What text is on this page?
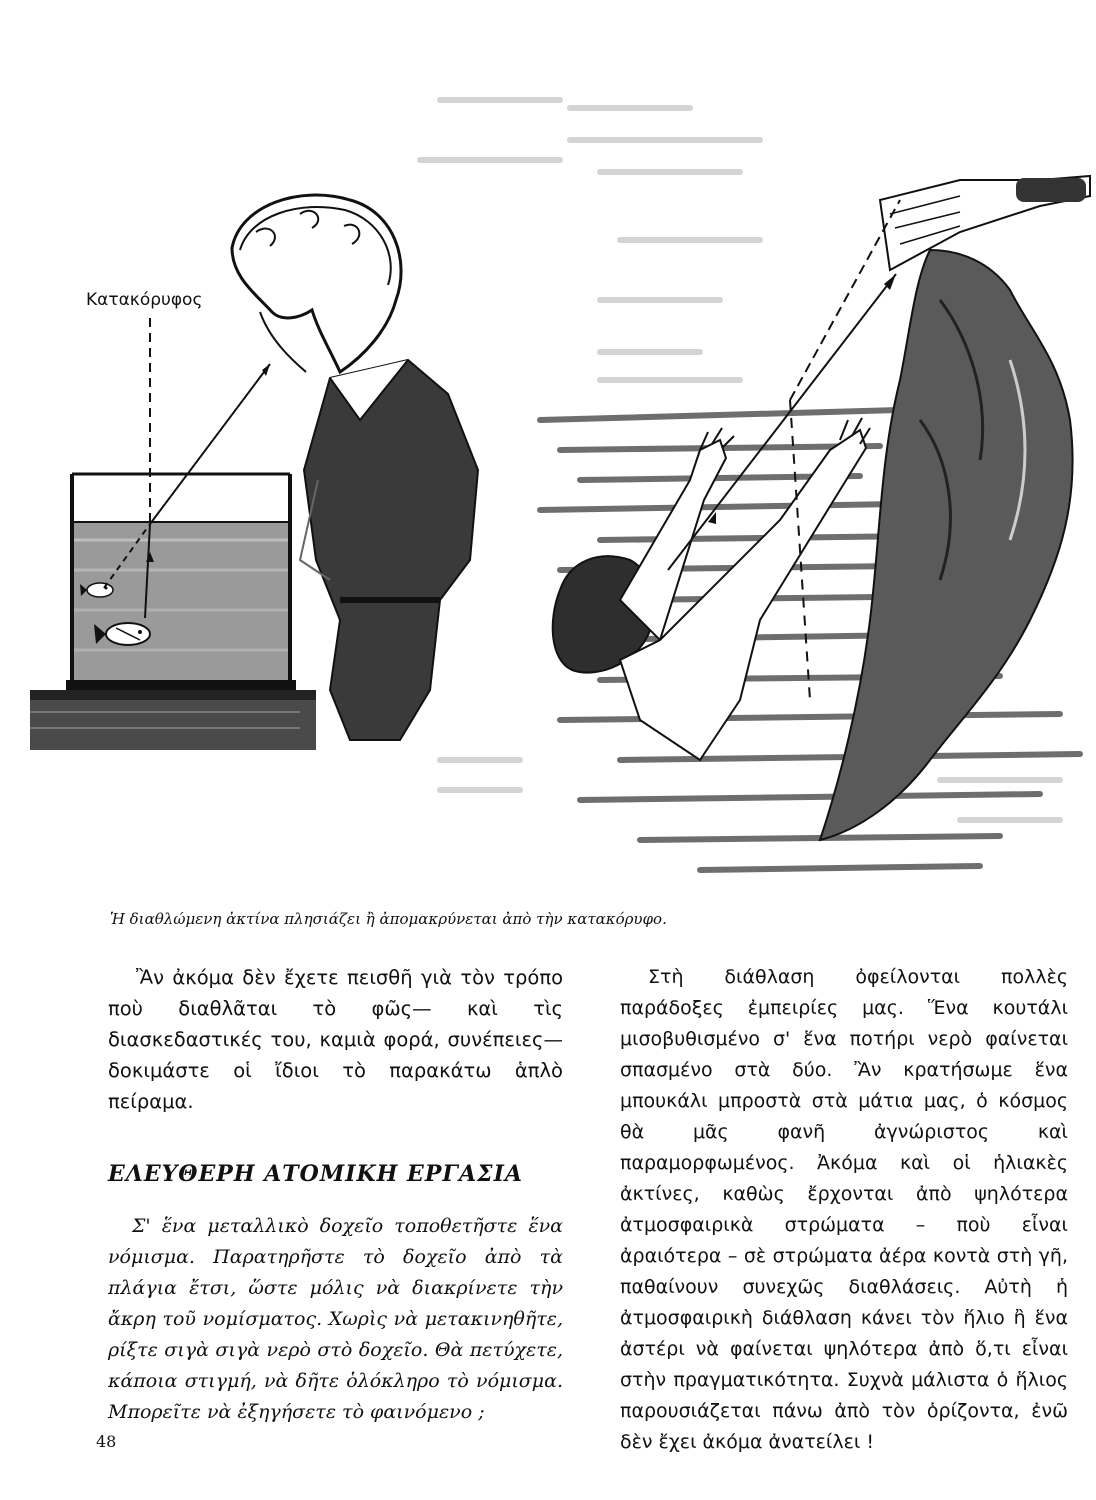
Κατακόρυφος
Ἡ διαθλώμενη ἀκτίνα πλησιάζει ἢ ἀπομακρύνεται ἀπὸ τὴν κατακόρυφο.

Ἂν ἀκόμα δὲν ἔχετε πεισθῆ γιὰ τὸν τρόπο ποὺ διαθλᾶται τὸ φῶς— καὶ τὶς διασκεδαστικές του, καμιὰ φορά, συνέπειες— δοκιμάστε οἱ ἴδιοι τὸ παρακάτω ἁπλὸ πείραμα.

ΕΛΕΥΘΕΡΗ ΑΤΟΜΙΚΗ ΕΡΓΑΣΙΑ

Σ' ἕνα μεταλλικὸ δοχεῖο τοποθετῆστε ἕνα νόμισμα. Παρατηρῆστε τὸ δοχεῖο ἀπὸ τὰ πλάγια ἔτσι, ὥστε μόλις νὰ διακρίνετε τὴν ἄκρη τοῦ νομίσματος. Χωρὶς νὰ μετακινηθῆτε, ρίξτε σιγὰ σιγὰ νερὸ στὸ δοχεῖο. Θὰ πετύχετε, κάποια στιγμή, νὰ δῆτε ὁλόκληρο τὸ νόμισμα. Μπορεῖτε νὰ ἐξηγήσετε τὸ φαινόμενο ;

Στὴ διάθλαση ὀφείλονται πολλὲς παράδοξες ἐμπειρίες μας. Ἕνα κουτάλι μισοβυθισμένο σ' ἕνα ποτήρι νερὸ φαίνεται σπασμένο στὰ δύο. Ἂν κρατήσωμε ἕνα μπουκάλι μπροστὰ στὰ μάτια μας, ὁ κόσμος θὰ μᾶς φανῆ ἀγνώριστος καὶ παραμορφωμένος. Ἀκόμα καὶ οἱ ἡλιακὲς ἀκτίνες, καθὼς ἔρχονται ἀπὸ ψηλότερα ἀτμοσφαιρικὰ στρώματα – ποὺ εἶναι ἀραιότερα – σὲ στρώματα ἀέρα κοντὰ στὴ γῆ, παθαίνουν συνεχῶς διαθλάσεις. Αὐτὴ ἡ ἀτμοσφαιρικὴ διάθλαση κάνει τὸν ἥλιο ἢ ἕνα ἀστέρι νὰ φαίνεται ψηλότερα ἀπὸ ὅ,τι εἶναι στὴν πραγματικότητα. Συχνὰ μάλιστα ὁ ἥλιος παρουσιάζεται πάνω ἀπὸ τὸν ὁρίζοντα, ἐνῶ δὲν ἔχει ἀκόμα ἀνατείλει !

48
